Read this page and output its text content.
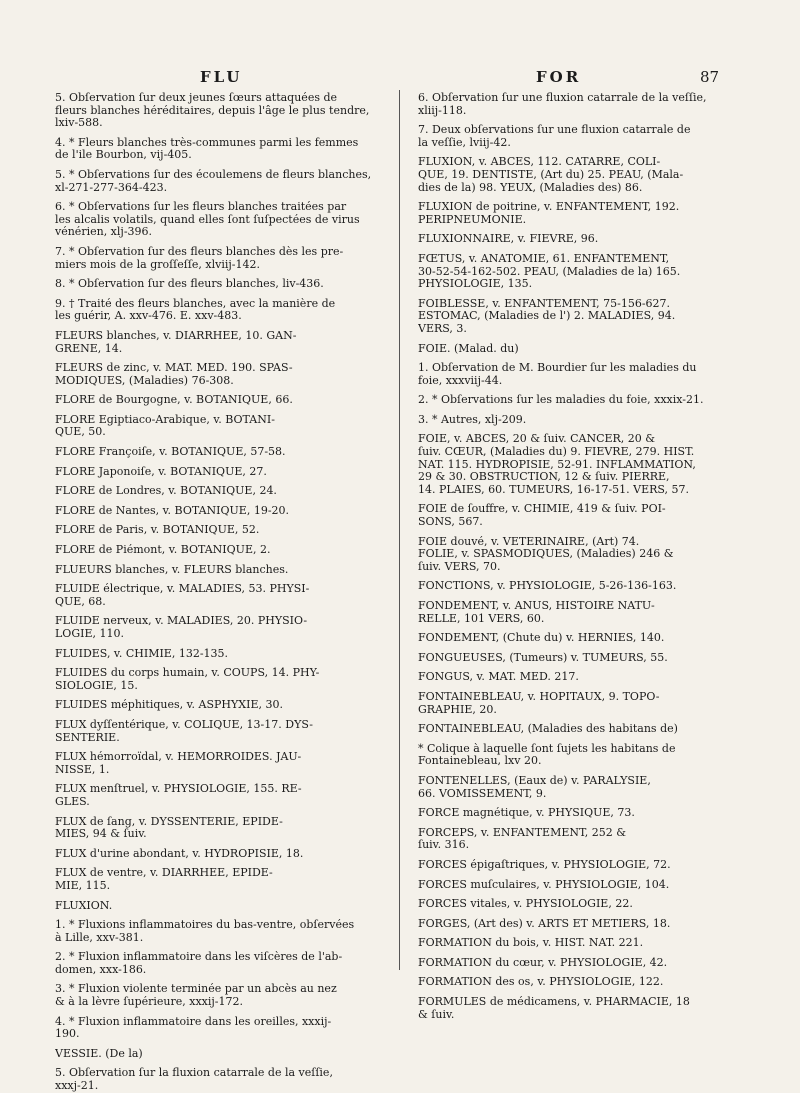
FLU	FOR	87
5. Obſervation ſur deux jeunes ſœurs attaquées de
fleurs blanches héréditaires, depuis l'âge le plus tendre,
lxiv-588.
4. * Fleurs blanches très-communes parmi les femmes
de l'ile Bourbon, vij-405.
5. * Obſervations ſur des écoulemens de fleurs blanches,
xl-271-277-364-423.
6. * Obſervations ſur les fleurs blanches traitées par
les alcalis volatils, quand elles ſont ſuſpectées de virus
vénérien, xlj-396.
7. * Obſervation ſur des fleurs blanches dès les pre-
miers mois de la groſſeſſe, xlviij-142.
8. * Obſervation ſur des fleurs blanches, liv-436.
9. † Traité des fleurs blanches, avec la manière de
les guérir, A. xxv-476. E. xxv-483.
FLEURS blanches, v. DIARRHÉE, 10. GAN-
GRÈNE, 14.
FLEURS de zinc, v. MAT. MÉD. 190. SPAS-
MODIQUES, (Maladies) 76-308.
FLORE de Bourgogne, v. BOTANIQUE, 66.
FLORE Egiptiaco-Arabique, v. BOTANI-
QUE, 50.
FLORE Françoiſe, v. BOTANIQUE, 57-58.
FLORE Japonoiſe, v. BOTANIQUE, 27.
FLORE de Londres, v. BOTANIQUE, 24.
FLORE de Nantes, v. BOTANIQUE, 19-20.
FLORE de Paris, v. BOTANIQUE, 52.
FLORE de Piémont, v. BOTANIQUE, 2.
FLUEURS blanches, v. FLEURS blanches.
FLUIDE électrique, v. MALADIES, 53. PHYSI-
QUE, 68.
FLUIDE nerveux, v. MALADIES, 20. PHYSIO-
LOGIE, 110.
FLUIDES, v. CHIMIE, 132-135.
FLUIDES du corps humain, v. COUPS, 14. PHY-
SIOLOGIE, 15.
FLUIDES méphitiques, v. ASPHYXIE, 30.
FLUX dyſſentérique, v. COLIQUE, 13-17. DYS-
SENTERIE.
FLUX hémorroïdal, v. HÉMORROÏDES. JAU-
NISSE, 1.
FLUX menſtruel, v. PHYSIOLOGIE, 155. RÈ-
GLES.
FLUX de ſang, v. DYSSENTERIE, ÉPIDÉ-
MIES, 94 & ſuiv.
FLUX d'urine abondant, v. HYDROPISIE, 18.
FLUX de ventre, v. DIARRHÉE, ÉPIDÉ-
MIE, 115.
FLUXION.
1. * Fluxions inflammatoires du bas-ventre, obſervées
à Lille, xxv-381.
2. * Fluxion inflammatoire dans les viſcères de l'ab-
domen, xxx-186.
3. * Fluxion violente terminée par un abcès au nez
& à la lèvre ſupérieure, xxxij-172.
4. * Fluxion inflammatoire dans les oreilles, xxxij-
190.
VESSIE. (De la)
5. Obſervation ſur la fluxion catarrale de la veſſie,
xxxj-21.
6. Obſervation ſur une fluxion catarrale de la veſſie,
xliij-118.
7. Deux obſervations ſur une fluxion catarrale de
la veſſie, lviij-42.
FLUXION, v. ABCÈS, 112. CATARRE, COLI-
QUE, 19. DENTISTE, (Art du) 25. PEAU, (Mala-
dies de la) 98. YEUX, (Maladies des) 86.
FLUXION de poitrine, v. ENFANTEMENT, 192.
PÉRIPNEUMONIE.
FLUXIONNAIRE, v. FIÈVRE, 96.
FŒTUS, v. ANATOMIE, 61. ENFANTEMENT,
30-52-54-162-502. PEAU, (Maladies de la) 165.
PHYSIOLOGIE, 135.
FOIBLESSE, v. ENFANTEMENT, 75-156-627.
ESTOMAC, (Maladies de l') 2. MALADIES, 94.
VERS, 3.
FOIE. (Malad. du)
1. Obſervation de M. Bourdier ſur les maladies du
foie, xxxviij-44.
2. * Obſervations ſur les maladies du foie, xxxix-21.
3. * Autres, xlj-209.
FOIE, v. ABCÈS, 20 & ſuiv. CANCER, 20 &
ſuiv. CŒUR, (Maladies du) 9. FIÈVRE, 279. HIST.
NAT. 115. HYDROPISIE, 52-91. INFLAMMATION,
29 & 30. OBSTRUCTION, 12 & ſuiv. PIERRE,
14. PLAIES, 60. TUMEURS, 16-17-51. VERS, 57.
FOIE de ſouffre, v. CHIMIE, 419 & ſuiv. POI-
SONS, 567.
FOIE douvé, v. VÉTÉRINAIRE, (Art) 74.
FOLIE, v. SPASMODIQUES, (Maladies) 246 &
ſuiv. VERS, 70.
FONCTIONS, v. PHYSIOLOGIE, 5-26-136-163.
FONDEMENT, v. ANUS, HISTOIRE NATU-
RELLE, 101 VERS, 60.
FONDEMENT, (Chute du) v. HERNIES, 140.
FONGUEUSES, (Tumeurs) v. TUMEURS, 55.
FONGUS, v. MAT. MÉD. 217.
FONTAINEBLEAU, v. HÔPITAUX, 9. TOPO-
GRAPHIE, 20.
FONTAINEBLEAU, (Maladies des habitans de)
* Colique à laquelle ſont ſujets les habitans de
Fontainebleau, lxv 20.
FONTENELLES, (Eaux de) v. PARALYSIE,
66. VOMISSEMENT, 9.
FORCE magnétique, v. PHYSIQUE, 73.
FORCEPS, v. ENFANTEMENT, 252 &
ſuiv. 316.
FORCES épigaſtriques, v. PHYSIOLOGIE, 72.
FORCES muſculaires, v. PHYSIOLOGIE, 104.
FORCES vitales, v. PHYSIOLOGIE, 22.
FORGES, (Art des) v. ARTS ET MÉTIERS, 18.
FORMATION du bois, v. HIST. NAT. 221.
FORMATION du cœur, v. PHYSIOLOGIE, 42.
FORMATION des os, v. PHYSIOLOGIE, 122.
FORMULES de médicamens, v. PHARMACIE, 18
& ſuiv.
